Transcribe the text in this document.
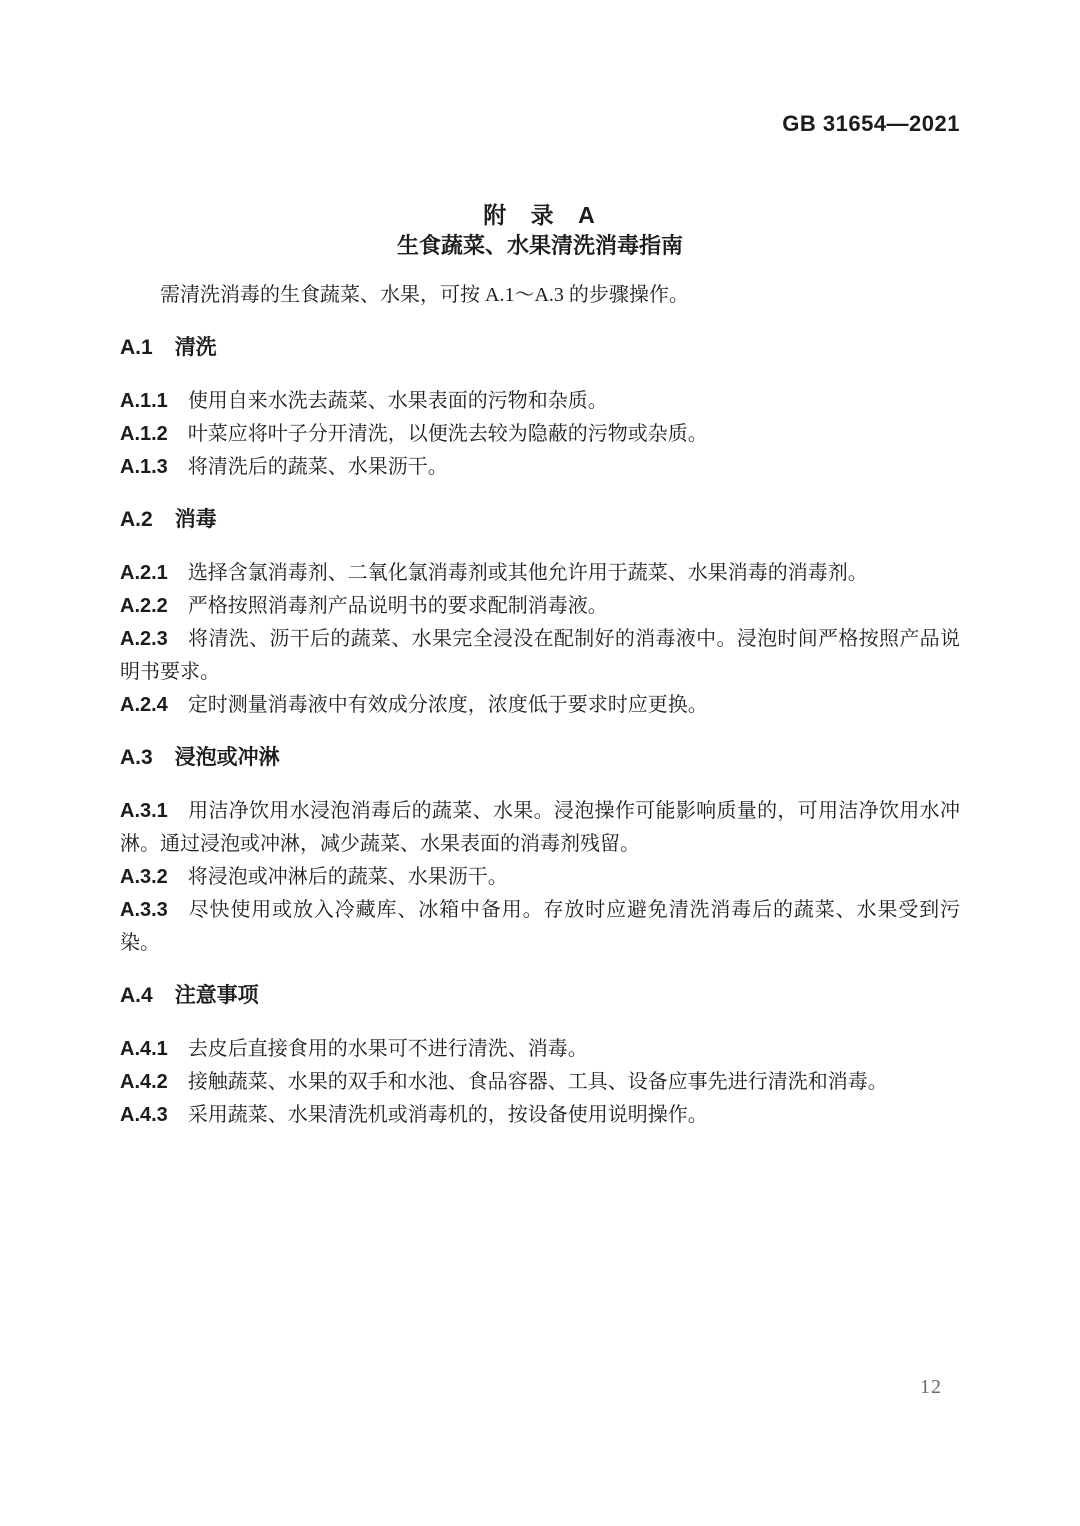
GB 31654—2021
附 录 A
生食蔬菜、水果清洗消毒指南

需清洗消毒的生食蔬菜、水果，可按 A.1～A.3 的步骤操作。

A.1 清洗

A.1.1 使用自来水洗去蔬菜、水果表面的污物和杂质。

A.1.2 叶菜应将叶子分开清洗，以便洗去较为隐蔽的污物或杂质。

A.1.3 将清洗后的蔬菜、水果沥干。

A.2 消毒

A.2.1 选择含氯消毒剂、二氧化氯消毒剂或其他允许用于蔬菜、水果消毒的消毒剂。

A.2.2 严格按照消毒剂产品说明书的要求配制消毒液。

A.2.3 将清洗、沥干后的蔬菜、水果完全浸没在配制好的消毒液中。浸泡时间严格按照产品说明书要求。

A.2.4 定时测量消毒液中有效成分浓度，浓度低于要求时应更换。

A.3 浸泡或冲淋

A.3.1 用洁净饮用水浸泡消毒后的蔬菜、水果。浸泡操作可能影响质量的，可用洁净饮用水冲淋。通过浸泡或冲淋，减少蔬菜、水果表面的消毒剂残留。

A.3.2 将浸泡或冲淋后的蔬菜、水果沥干。

A.3.3 尽快使用或放入冷藏库、冰箱中备用。存放时应避免清洗消毒后的蔬菜、水果受到污染。

A.4 注意事项

A.4.1 去皮后直接食用的水果可不进行清洗、消毒。

A.4.2 接触蔬菜、水果的双手和水池、食品容器、工具、设备应事先进行清洗和消毒。

A.4.3 采用蔬菜、水果清洗机或消毒机的，按设备使用说明操作。

12
